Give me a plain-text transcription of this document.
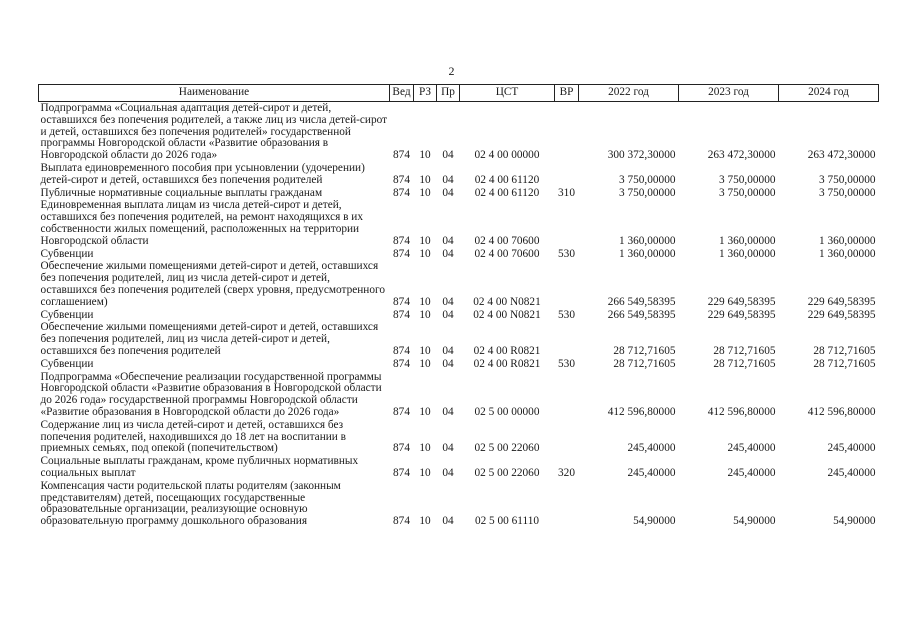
2
Наименование	Вед	РЗ	Пр	ЦСТ	ВР	2022 год	2023 год	2024 год
Подпрограмма «Социальная адаптация детей-сирот и детей, оставшихся без попечения родителей, а также лиц из числа детей-сирот и детей, оставшихся без попечения родителей» государственной программы Новгородской области «Развитие образования в Новгородской области до 2026 года»	874	10	04	02 4 00 00000		300 372,30000	263 472,30000	263 472,30000
Выплата единовременного пособия при усыновлении (удочерении) детей-сирот и детей, оставшихся без попечения родителей	874	10	04	02 4 00 61120		3 750,00000	3 750,00000	3 750,00000
Публичные нормативные социальные выплаты гражданам	874	10	04	02 4 00 61120	310	3 750,00000	3 750,00000	3 750,00000
Единовременная выплата лицам из числа детей-сирот и детей, оставшихся без попечения родителей, на ремонт находящихся в их собственности жилых помещений, расположенных на территории Новгородской области	874	10	04	02 4 00 70600		1 360,00000	1 360,00000	1 360,00000
Субвенции	874	10	04	02 4 00 70600	530	1 360,00000	1 360,00000	1 360,00000
Обеспечение жилыми помещениями детей-сирот и детей, оставшихся без попечения родителей, лиц из числа детей-сирот и детей, оставшихся без попечения родителей (сверх уровня, предусмотренного соглашением)	874	10	04	02 4 00 N0821		266 549,58395	229 649,58395	229 649,58395
Субвенции	874	10	04	02 4 00 N0821	530	266 549,58395	229 649,58395	229 649,58395
Обеспечение жилыми помещениями детей-сирот и детей, оставшихся без попечения родителей, лиц из числа детей-сирот и детей, оставшихся без попечения родителей	874	10	04	02 4 00 R0821		28 712,71605	28 712,71605	28 712,71605
Субвенции	874	10	04	02 4 00 R0821	530	28 712,71605	28 712,71605	28 712,71605
Подпрограмма «Обеспечение реализации государственной программы Новгородской области «Развитие образования в Новгородской области до 2026 года» государственной программы Новгородской области «Развитие образования в Новгородской области до 2026 года»	874	10	04	02 5 00 00000		412 596,80000	412 596,80000	412 596,80000
Содержание лиц из числа детей-сирот и детей, оставшихся без попечения родителей, находившихся до 18 лет на воспитании в приемных семьях, под опекой (попечительством)	874	10	04	02 5 00 22060		245,40000	245,40000	245,40000
Социальные выплаты гражданам, кроме публичных нормативных социальных выплат	874	10	04	02 5 00 22060	320	245,40000	245,40000	245,40000
Компенсация части родительской платы родителям (законным представителям) детей, посещающих государственные образовательные организации, реализующие основную образовательную программу дошкольного образования	874	10	04	02 5 00 61110		54,90000	54,90000	54,90000
